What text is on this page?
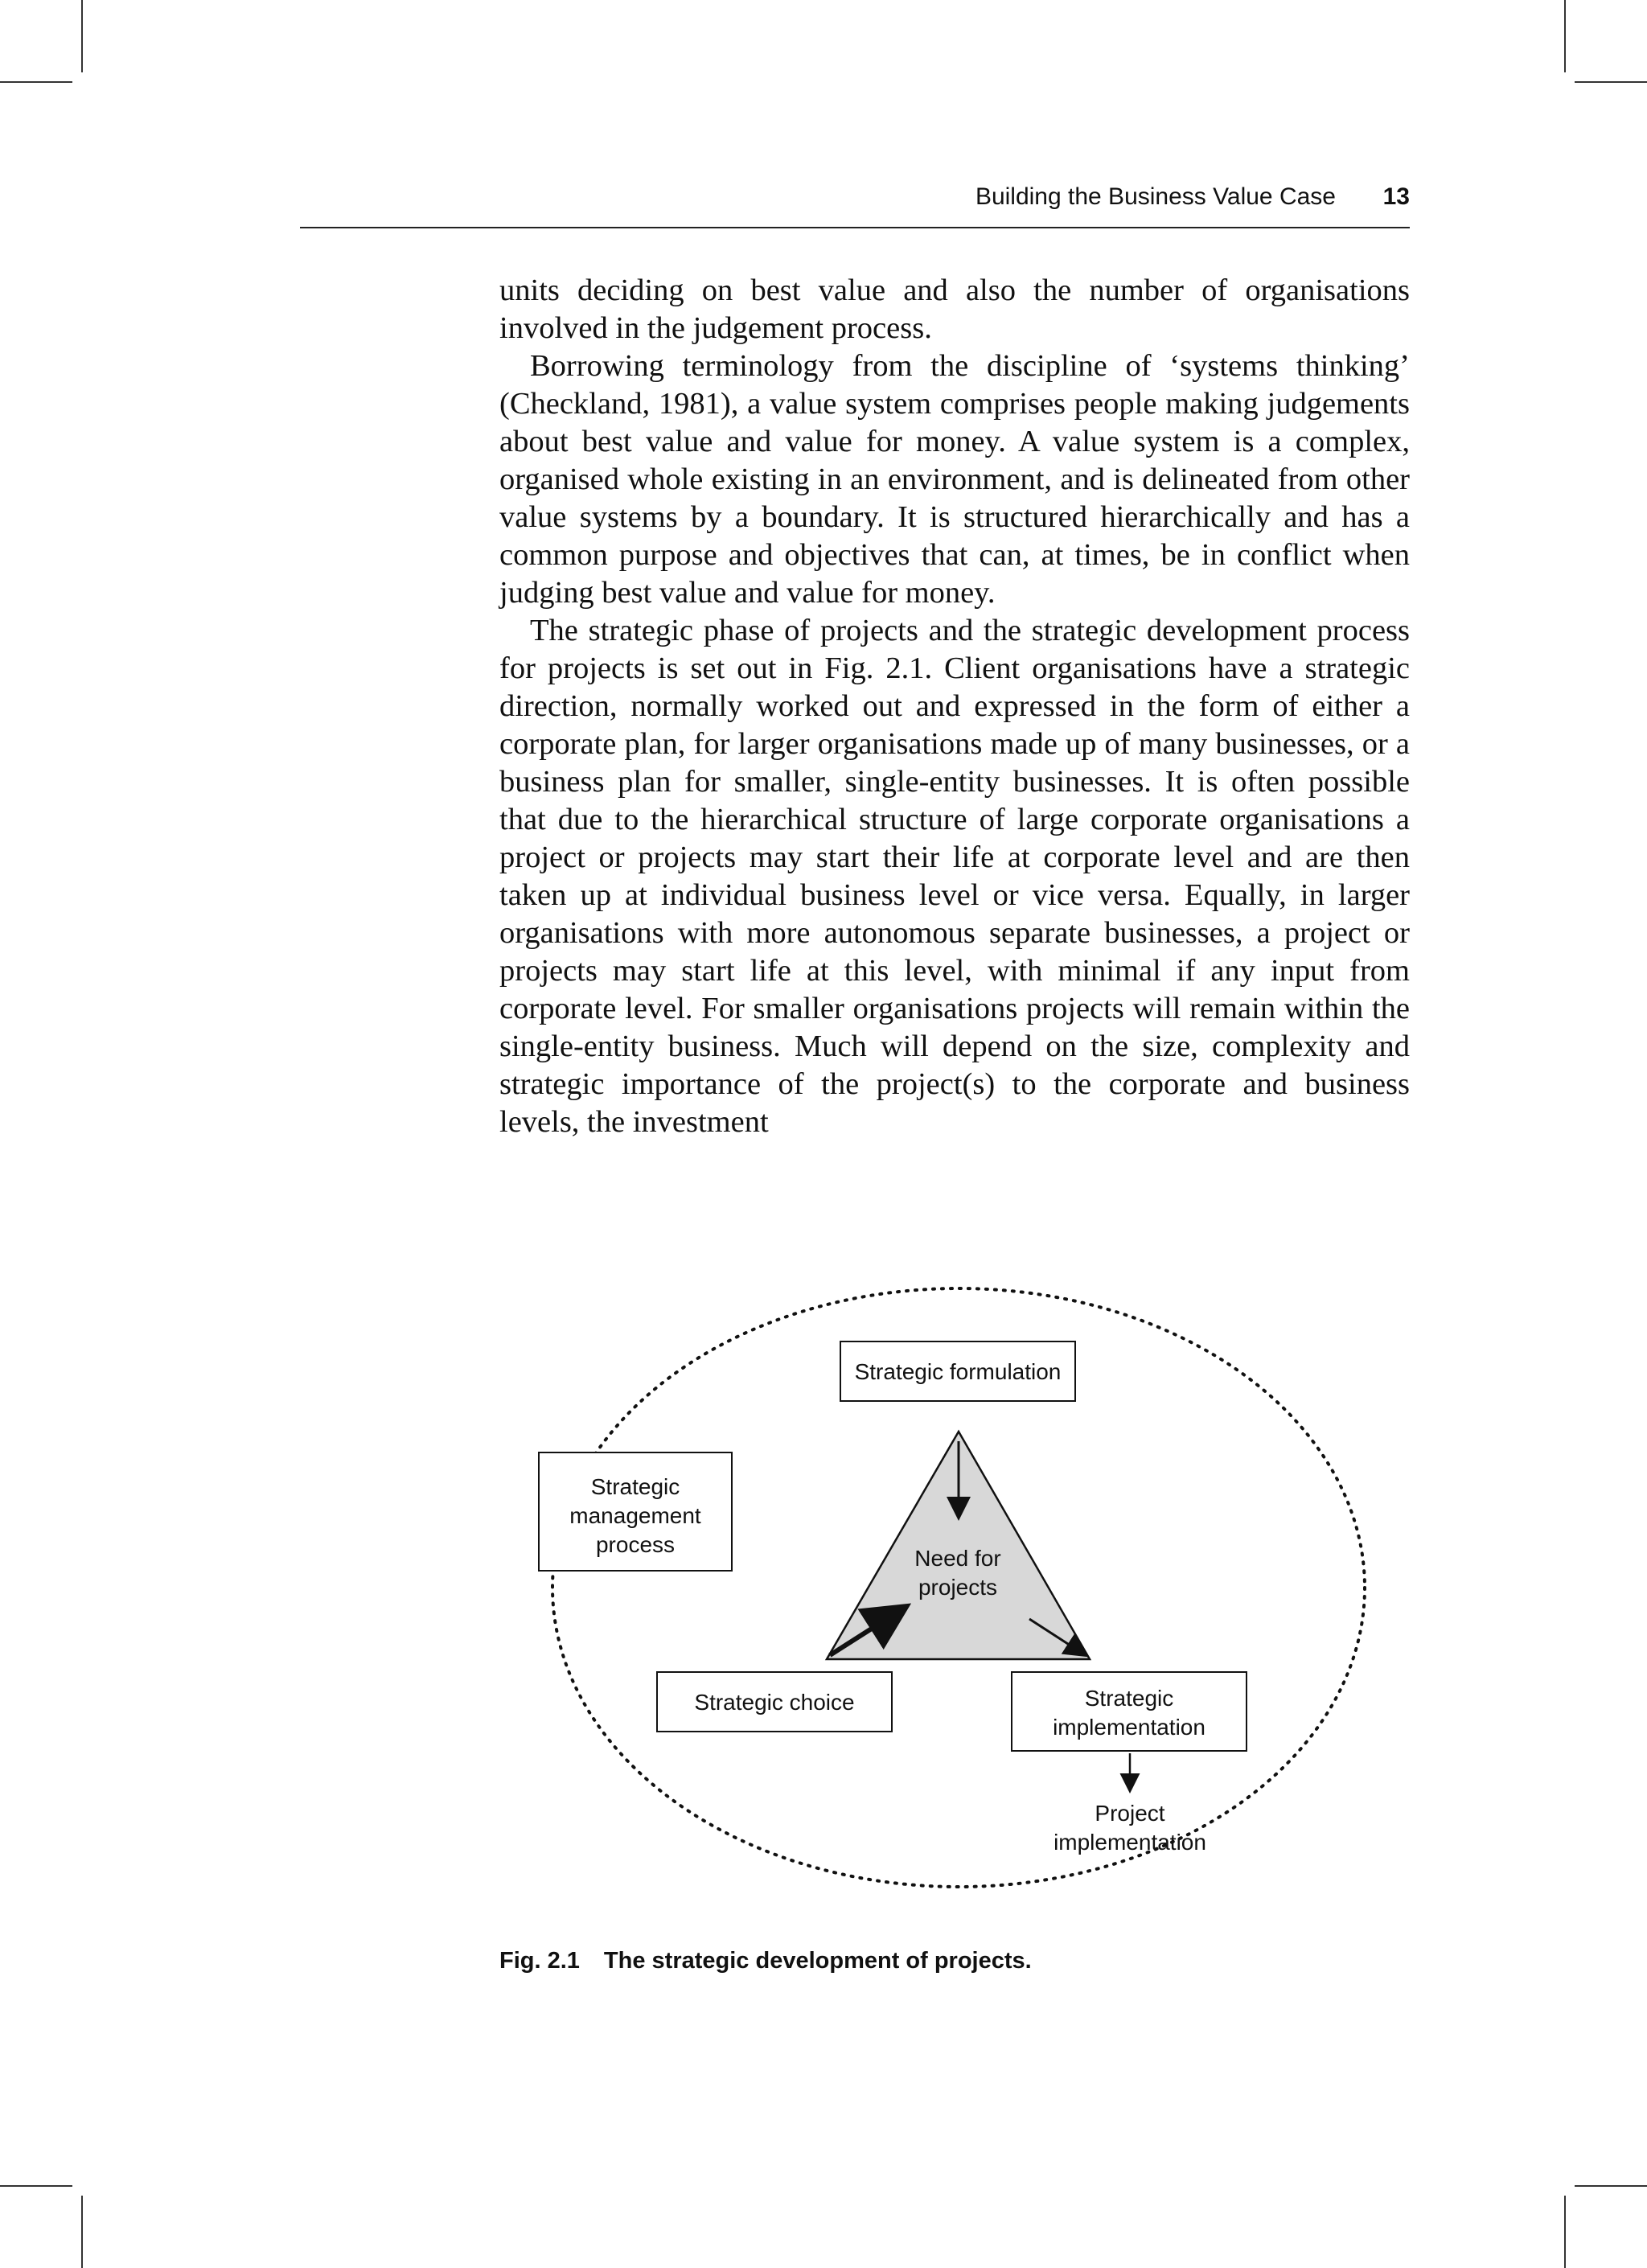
Building the Business Value Case 13

units deciding on best value and also the number of organisations involved in the judgement process.

Borrowing terminology from the discipline of ‘systems thinking’ (Checkland, 1981), a value system comprises people making judgements about best value and value for money. A value system is a complex, organised whole existing in an environment, and is delineated from other value systems by a boundary. It is structured hierarchically and has a common purpose and objectives that can, at times, be in conflict when judging best value and value for money.

The strategic phase of projects and the strategic development process for projects is set out in Fig. 2.1. Client organisations have a strategic direction, normally worked out and expressed in the form of either a corporate plan, for larger organisations made up of many businesses, or a business plan for smaller, single-entity businesses. It is often possible that due to the hierarchical structure of large corporate organisations a project or projects may start their life at corporate level and are then taken up at individual business level or vice versa. Equally, in larger organisations with more autonomous separate businesses, a project or projects may start life at this level, with minimal if any input from corporate level. For smaller organisations projects will remain within the single-entity business. Much will depend on the size, complexity and strategic importance of the project(s) to the corporate and business levels, the investment

Strategic formulation
Strategic
management
process
Need for
projects
Strategic choice	Strategic
implementation
Project
implementation
Fig. 2.1 The strategic development of projects.
